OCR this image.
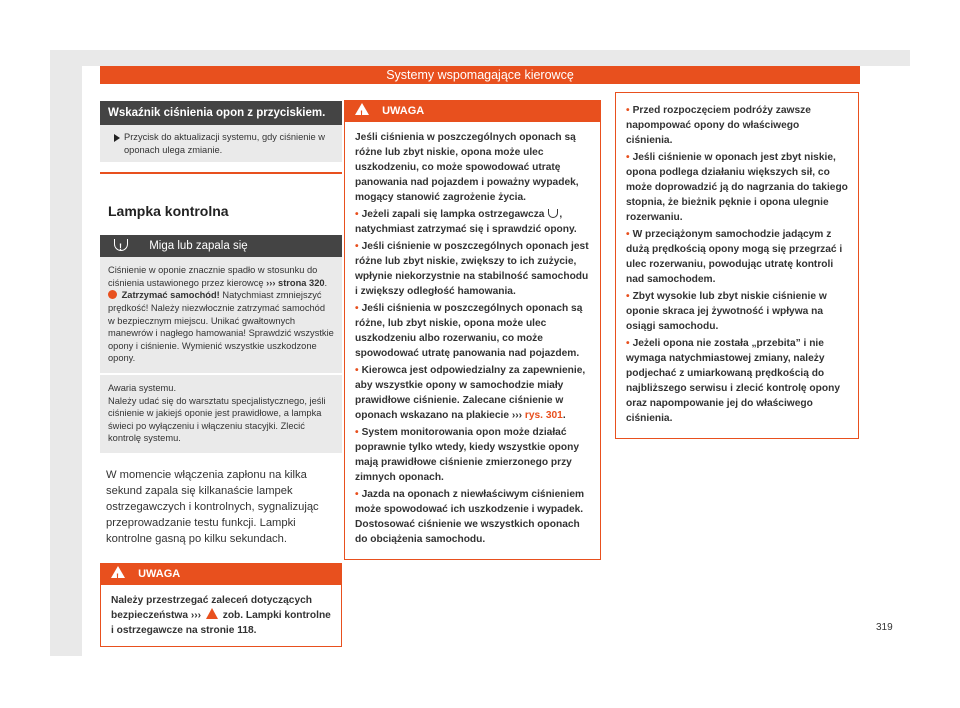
Systemy wspomagające kierowcę
Wskaźnik ciśnienia opon z przyciskiem.
Przycisk do aktualizacji systemu, gdy ciśnienie w oponach ulega zmianie.
Lampka kontrolna
! Miga lub zapala się
Ciśnienie w oponie znacznie spadło w stosunku do ciśnienia ustawionego przez kierowcę ››› strona 320.
Zatrzymać samochód! Natychmiast zmniejszyć prędkość! Należy niezwłocznie zatrzymać samochód w bezpiecznym miejscu. Unikać gwałtownych manewrów i nagłego hamowania! Sprawdzić wszystkie opony i ciśnienie. Wymienić wszystkie uszkodzone opony.
Awaria systemu.
Należy udać się do warsztatu specjalistycznego, jeśli ciśnienie w jakiejś oponie jest prawidłowe, a lampka świeci po wyłączeniu i włączeniu stacyjki. Zlecić kontrolę systemu.
W momencie włączenia zapłonu na kilka sekund zapala się kilkanaście lampek ostrzegawczych i kontrolnych, sygnalizując przeprowadzanie testu funkcji. Lampki kontrolne gasną po kilku sekundach.
! UWAGA
Należy przestrzegać zaleceń dotyczących bezpieczeństwa ››› zob. Lampki kontrolne i ostrzegawcze na stronie 118.
! UWAGA

Jeśli ciśnienia w poszczególnych oponach są różne lub zbyt niskie, opona może ulec uszkodzeniu, co może spowodować utratę panowania nad pojazdem i poważny wypadek, mogący stanowić zagrożenie życia.

• Jeżeli zapali się lampka ostrzegawcza , natychmiast zatrzymać się i sprawdzić opony.

• Jeśli ciśnienie w poszczególnych oponach jest różne lub zbyt niskie, zwiększy to ich zużycie, wpłynie niekorzystnie na stabilność samochodu i zwiększy odległość hamowania.

• Jeśli ciśnienia w poszczególnych oponach są różne, lub zbyt niskie, opona może ulec uszkodzeniu albo rozerwaniu, co może spowodować utratę panowania nad pojazdem.

• Kierowca jest odpowiedzialny za zapewnienie, aby wszystkie opony w samochodzie miały prawidłowe ciśnienie. Zalecane ciśnienie w oponach wskazano na plakiecie ››› rys. 301.

• System monitorowania opon może działać poprawnie tylko wtedy, kiedy wszystkie opony mają prawidłowe ciśnienie zmierzonego przy zimnych oponach.

• Jazda na oponach z niewłaściwym ciśnieniem może spowodować ich uszkodzenie i wypadek. Dostosować ciśnienie we wszystkich oponach do obciążenia samochodu.

• Przed rozpoczęciem podróży zawsze napompować opony do właściwego ciśnienia.

• Jeśli ciśnienie w oponach jest zbyt niskie, opona podlega działaniu większych sił, co może doprowadzić ją do nagrzania do takiego stopnia, że bieżnik pęknie i opona ulegnie rozerwaniu.

• W przeciążonym samochodzie jadącym z dużą prędkością opony mogą się przegrzać i ulec rozerwaniu, powodując utratę kontroli nad samochodem.

• Zbyt wysokie lub zbyt niskie ciśnienie w oponie skraca jej żywotność i wpływa na osiągi samochodu.

• Jeżeli opona nie została „przebita” i nie wymaga natychmiastowej zmiany, należy podjechać z umiarkowaną prędkością do najbliższego serwisu i zlecić kontrolę opony oraz napompowanie jej do właściwego ciśnienia.

319
